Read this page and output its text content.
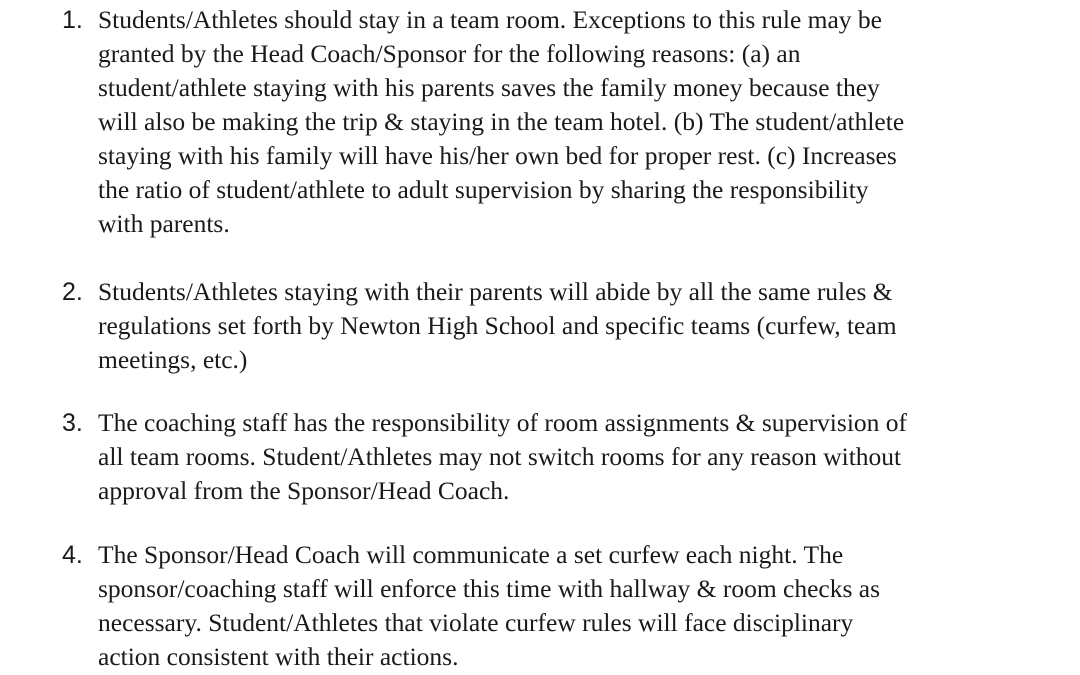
1. Students/Athletes should stay in a team room. Exceptions to this rule may be
granted by the Head Coach/Sponsor for the following reasons: (a) an
student/athlete staying with his parents saves the family money because they
will also be making the trip & staying in the team hotel. (b) The student/athlete
staying with his family will have his/her own bed for proper rest. (c) Increases
the ratio of student/athlete to adult supervision by sharing the responsibility
with parents.
2. Students/Athletes staying with their parents will abide by all the same rules &
regulations set forth by Newton High School and specific teams (curfew, team
meetings, etc.)
3. The coaching staff has the responsibility of room assignments & supervision of
all team rooms. Student/Athletes may not switch rooms for any reason without
approval from the Sponsor/Head Coach.
4. The Sponsor/Head Coach will communicate a set curfew each night. The
sponsor/coaching staff will enforce this time with hallway & room checks as
necessary. Student/Athletes that violate curfew rules will face disciplinary
action consistent with their actions.
